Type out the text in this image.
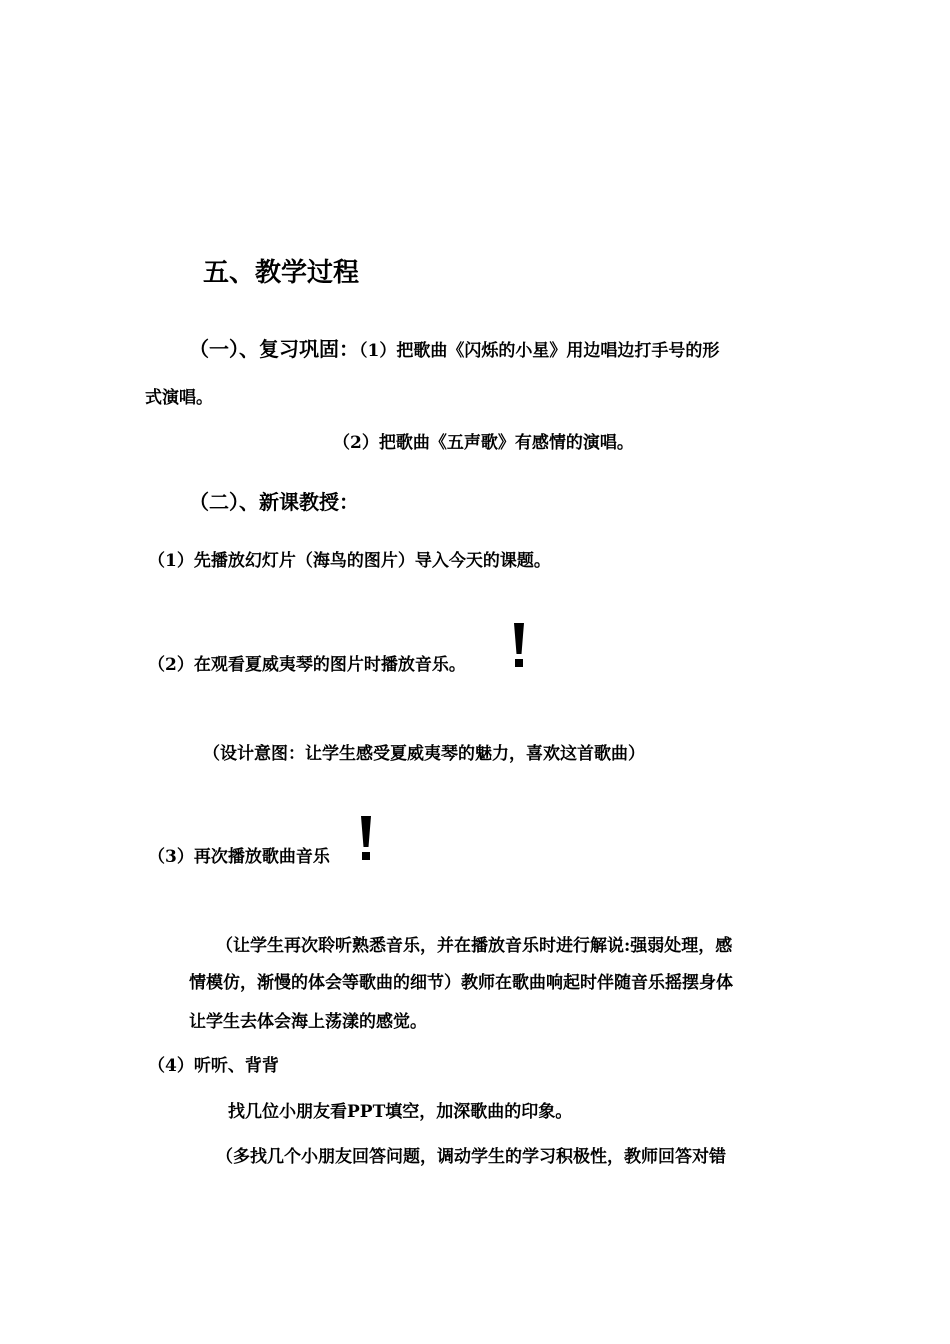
五、教学过程
（一）、复习巩固：（1）把歌曲《闪烁的小星》用边唱边打手号的形
式演唱。
（2）把歌曲《五声歌》有感情的演唱。
（二）、新课教授：
（1）先播放幻灯片（海鸟的图片）导入今天的课题。
（2）在观看夏威夷琴的图片时播放音乐。
（设计意图：让学生感受夏威夷琴的魅力，喜欢这首歌曲）
（3）再次播放歌曲音乐
（让学生再次聆听熟悉音乐，并在播放音乐时进行解说:强弱处理，感
情模仿，渐慢的体会等歌曲的细节）教师在歌曲响起时伴随音乐摇摆身体
让学生去体会海上荡漾的感觉。
（4）听听、背背
找几位小朋友看PPT填空，加深歌曲的印象。
（多找几个小朋友回答问题，调动学生的学习积极性，教师回答对错
